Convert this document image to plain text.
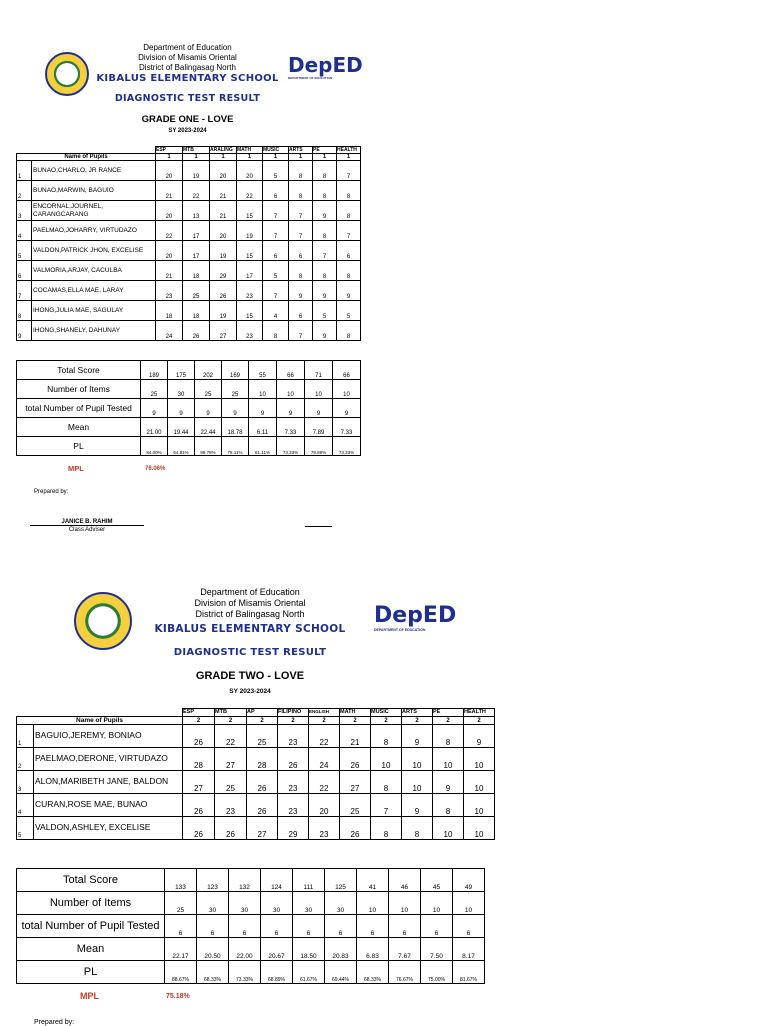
Department of Education
Division of Misamis Oriental
District of Balingasag North
KIBALUS ELEMENTARY SCHOOL
DepED
DEPARTMENT OF EDUCATION
DIAGNOSTIC TEST RESULT
GRADE ONE - LOVE
SY 2023-2024
		ESP	MTB	ARALING	MATH	MUSIC	ARTS	PE	HEALTH
Name of Pupils		1	1	1	1	1	1	1	1
1	BUNAO,CHARLO, JR RANCE	20	19	20	20	5	8	8	7
2	BUNAO,MARWIN, BAGUIO	21	22	21	22	6	8	8	8
3	ENCORNAL,JOURNEL, CARANGCARANG	20	13	21	15	7	7	9	8
4	PAELMAO,JOHARRY, VIRTUDAZO	22	17	20	19	7	7	8	7
5	VALDON,PATRICK JHON, EXCELISE	20	17	19	15	6	6	7	6
6	VALMORIA,ARJAY, CACULBA	21	18	29	17	5	8	8	8
7	COCAMAS,ELLA MAE, LARAY	23	25	26	23	7	9	9	9
8	IHONG,JULIA MAE, SAGULAY	18	18	19	15	4	6	5	5
9	IHONG,SHANELY, DAHUNAY	24	26	27	23	8	7	9	8
Total Score	189	175	202	169	55	66	71	66
Number of Items	25	30	25	25	10	10	10	10
total Number of Pupil Tested	9	9	9	9	9	9	9	9
Mean	21.00	19.44	22.44	18.78	6.11	7.33	7.89	7.33
PL	84.00%	64.81%	89.78%	75.11%	61.11%	73.33%	78.89%	73.33%
MPL	76.06%
Prepared by:
JANICE B. RAHIM
Class Adviser
Department of Education
Division of Misamis Oriental
District of Balingasag North
KIBALUS ELEMENTARY SCHOOL
DepED
DEPARTMENT OF EDUCATION
DIAGNOSTIC TEST RESULT
GRADE TWO - LOVE
SY 2023-2024
		ESP	MTB	AP	FILIPINO	ENGLISH	MATH	MUSIC	ARTS	PE	HEALTH
Name of Pupils		2	2	2	2	2	2	2	2	2	2
1	BAGUIO,JEREMY, BONIAO	26	22	25	23	22	21	8	9	8	9
2	PAELMAO,DERONE, VIRTUDAZO	28	27	28	26	24	26	10	10	10	10
3	ALON,MARIBETH JANE, BALDON	27	25	26	23	22	27	8	10	9	10
4	CURAN,ROSE MAE, BUNAO	26	23	26	23	20	25	7	9	8	10
5	VALDON,ASHLEY, EXCELISE	26	26	27	29	23	26	8	8	10	10
Total Score	133	123	132	124	111	125	41	46	45	49
Number of Items	25	30	30	30	30	30	10	10	10	10
total Number of Pupil Tested	6	6	6	6	6	6	6	6	6	6
Mean	22.17	20.50	22.00	20.67	18.50	20.83	6.83	7.67	7.50	8.17
PL	88.67%	68.33%	73.33%	68.89%	61.67%	69.44%	68.33%	76.67%	75.00%	81.67%
MPL	75.18%
Prepared by:
